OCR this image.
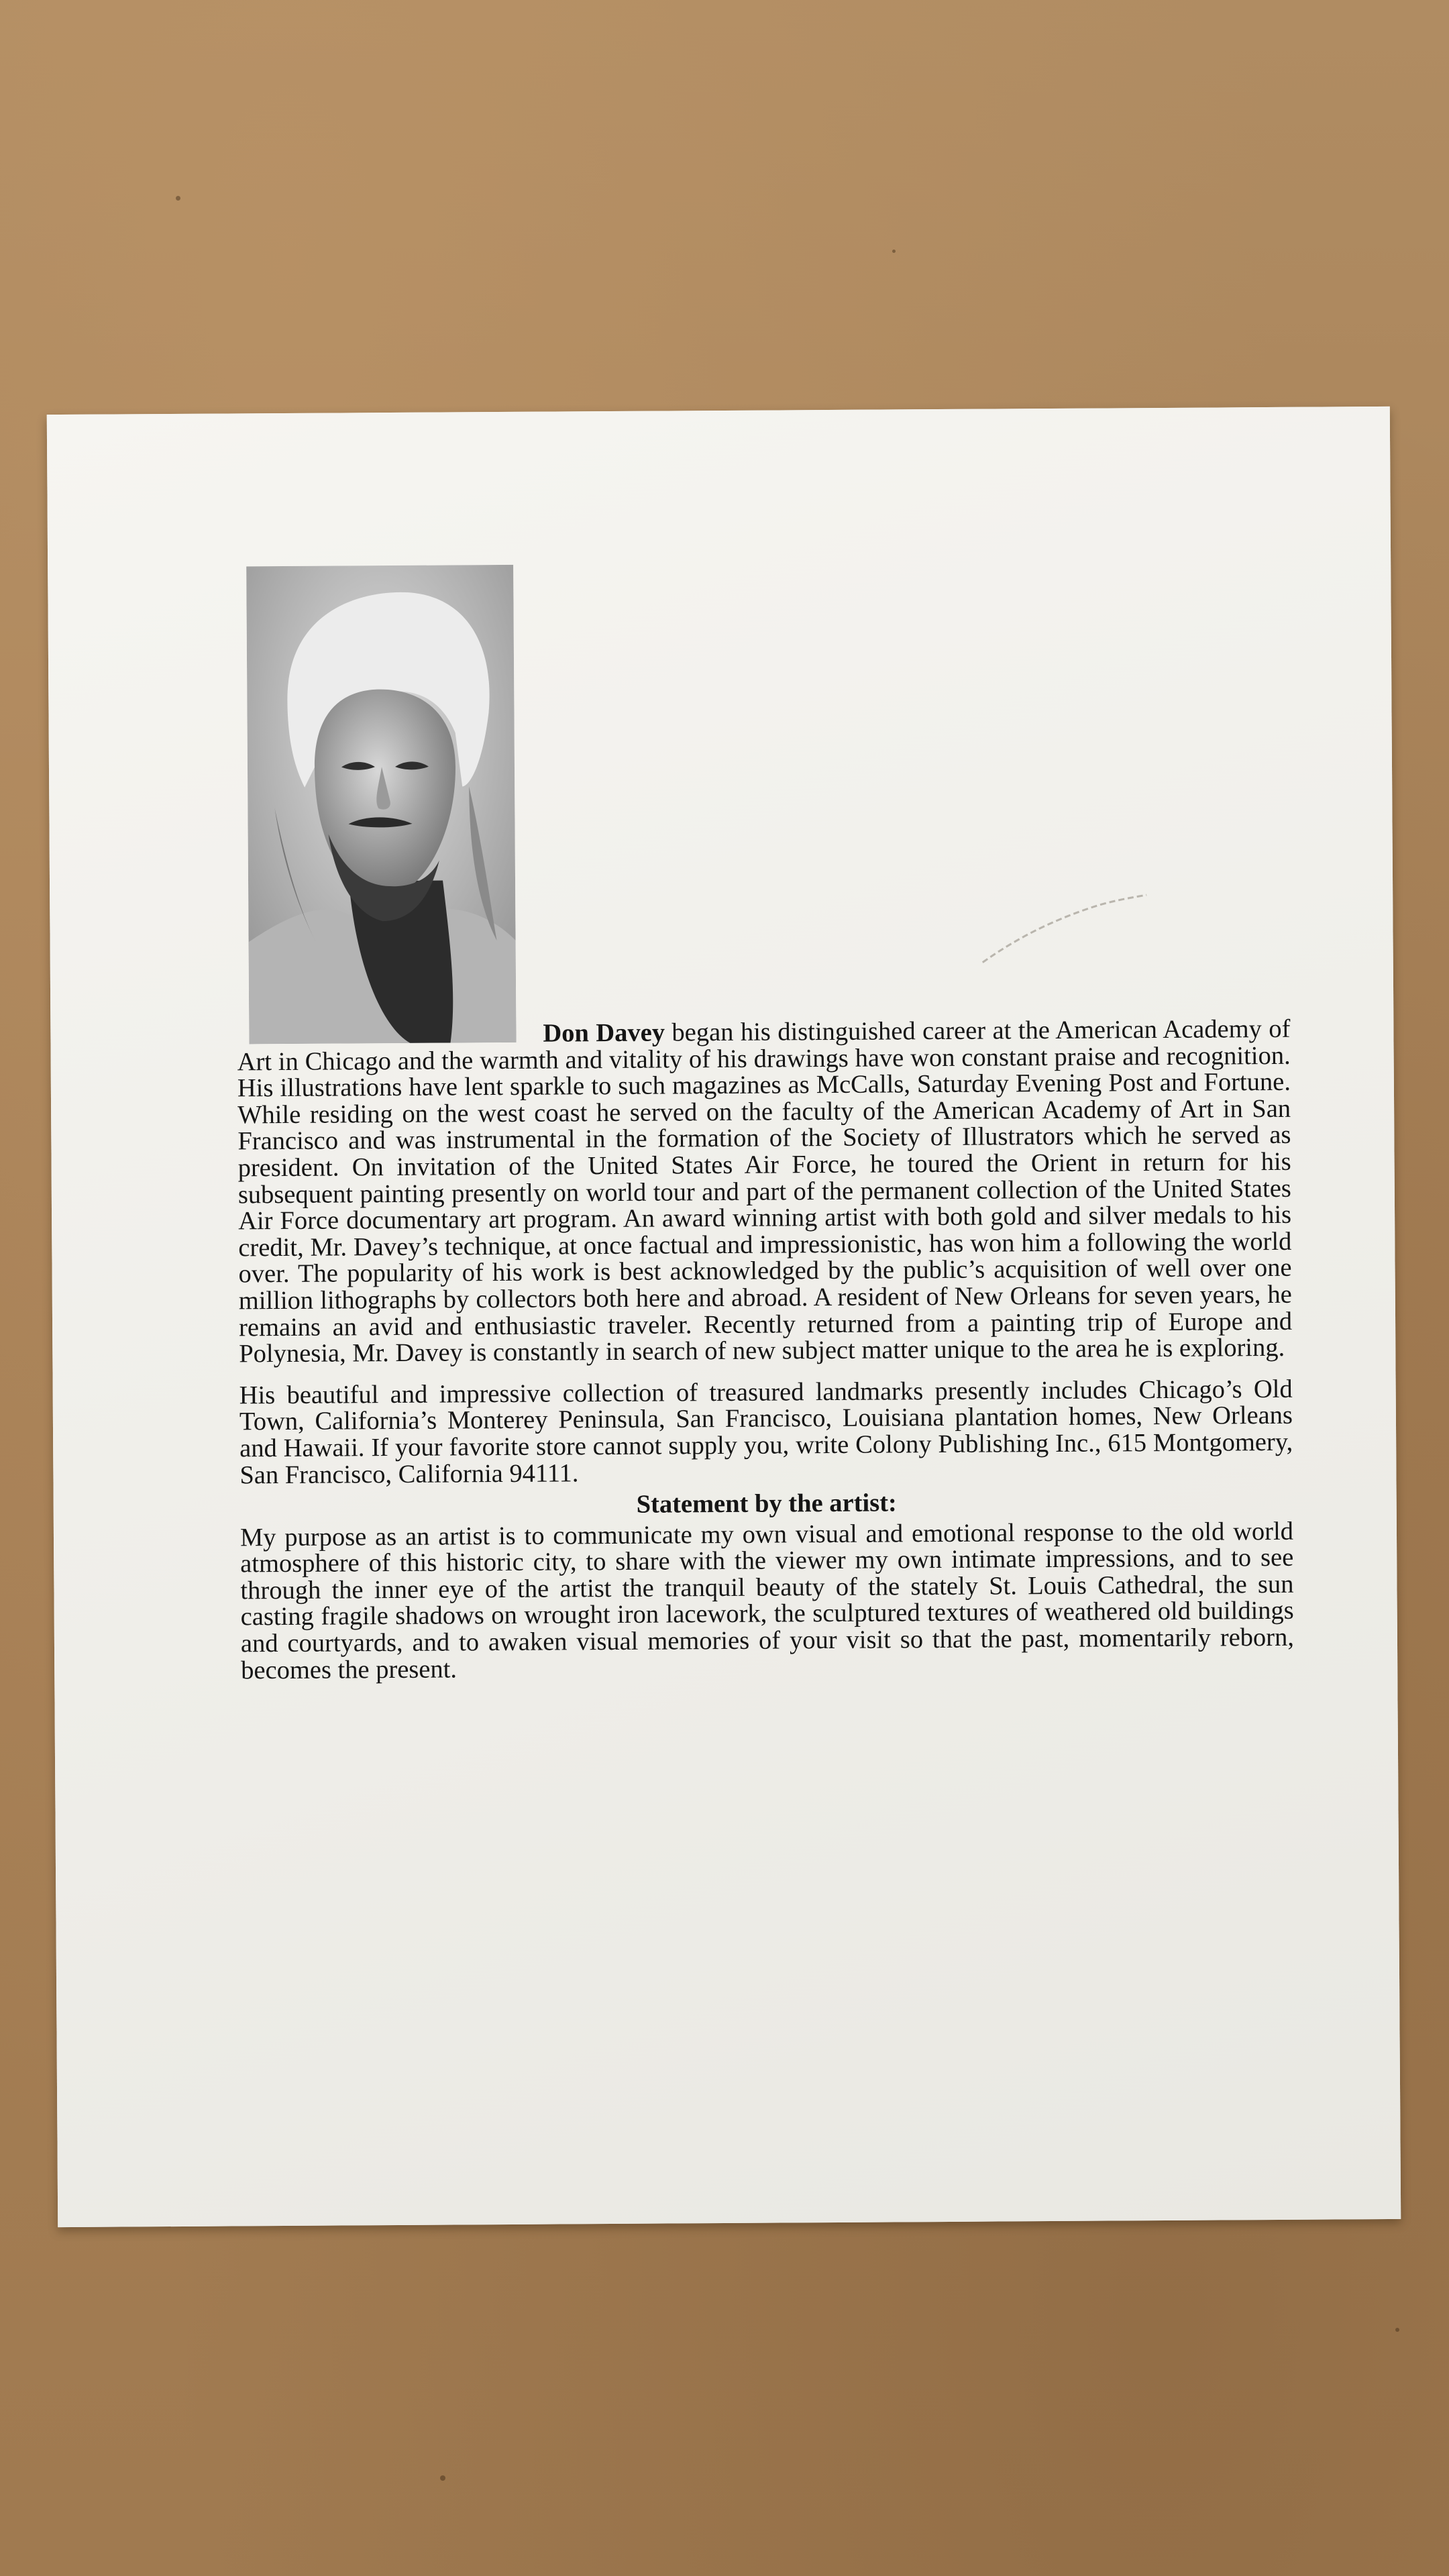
Don Davey began his distinguished career at the American Academy of Art in Chicago and the warmth and vitality of his drawings have won constant praise and recognition. His illustrations have lent sparkle to such magazines as McCalls, Saturday Evening Post and Fortune. While residing on the west coast he served on the faculty of the American Academy of Art in San Francisco and was instrumental in the formation of the Society of Illustrators which he served as president. On invitation of the United States Air Force, he toured the Orient in return for his subsequent painting presently on world tour and part of the permanent collection of the United States Air Force documentary art program. An award winning artist with both gold and silver medals to his credit, Mr. Davey’s technique, at once factual and impressionistic, has won him a following the world over. The popularity of his work is best acknowledged by the public’s acquisition of well over one million lithographs by collectors both here and abroad. A resident of New Orleans for seven years, he remains an avid and enthusiastic traveler. Recently returned from a painting trip of Europe and Polynesia, Mr. Davey is constantly in search of new subject matter unique to the area he is exploring.

His beautiful and impressive collection of treasured landmarks presently includes Chicago’s Old Town, California’s Monterey Peninsula, San Francisco, Louisiana plantation homes, New Orleans and Hawaii. If your favorite store cannot supply you, write Colony Publishing Inc., 615 Montgomery, San Francisco, California 94111.

Statement by the artist:

My purpose as an artist is to communicate my own visual and emotional response to the old world atmosphere of this historic city, to share with the viewer my own intimate impressions, and to see through the inner eye of the artist the tranquil beauty of the stately St. Louis Cathedral, the sun casting fragile shadows on wrought iron lacework, the sculptured textures of weathered old buildings and courtyards, and to awaken visual memories of your visit so that the past, momentarily reborn, becomes the present.
